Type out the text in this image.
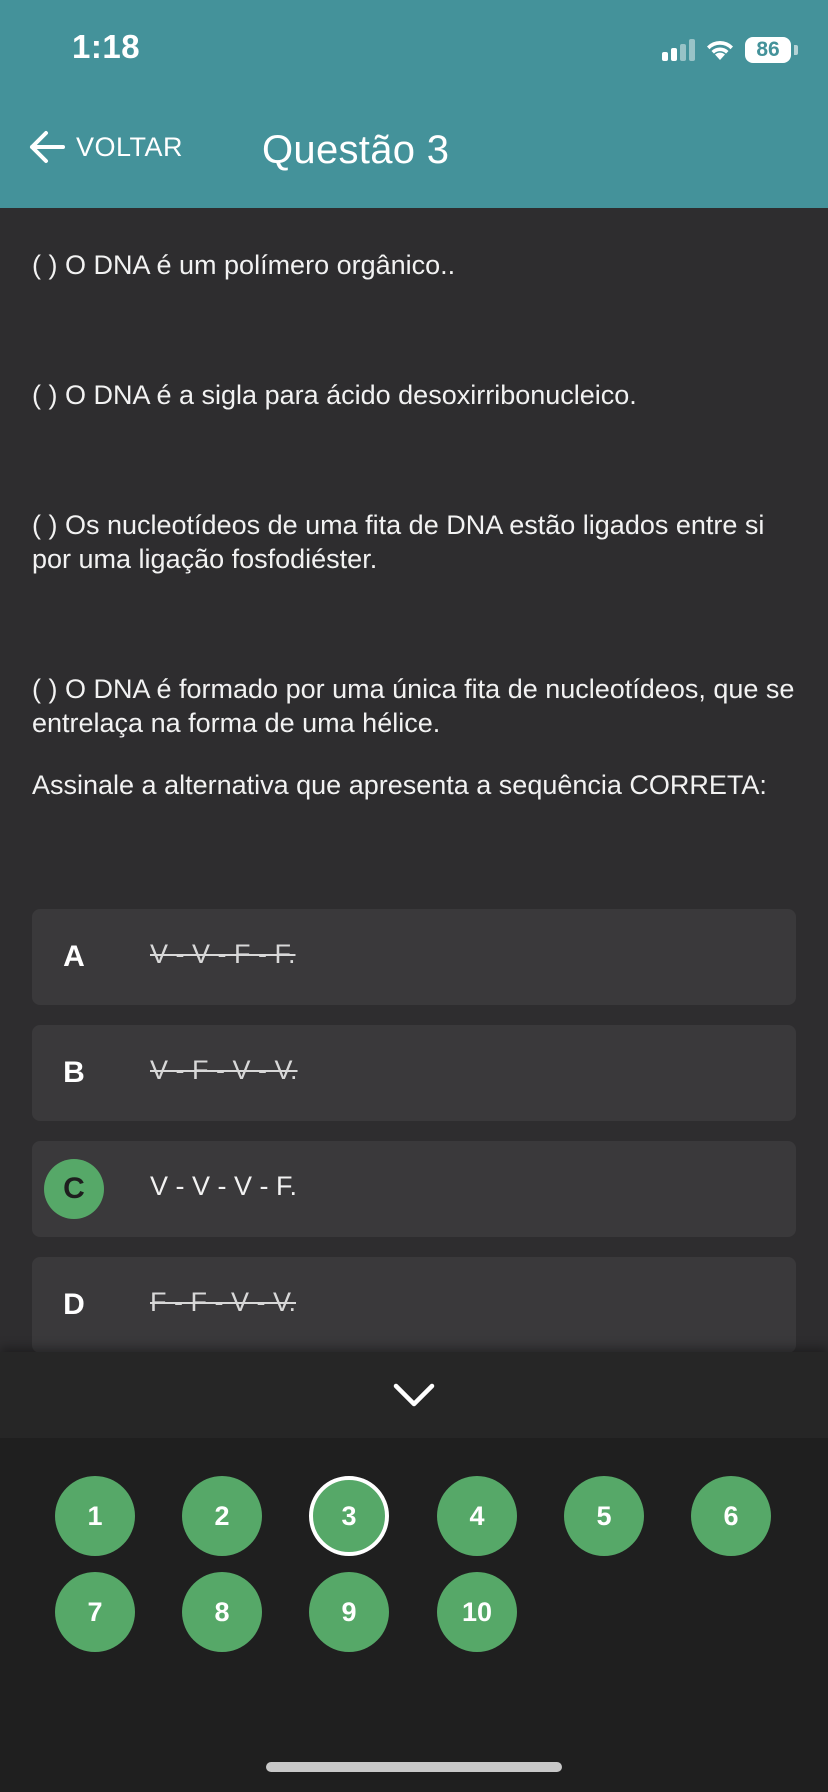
1:18	86
VOLTAR Questão 3
( ) O DNA é um polímero orgânico..
( ) O DNA é a sigla para ácido desoxirribonucleico.
( ) Os nucleotídeos de uma fita de DNA estão ligados entre si por uma ligação fosfodiéster.
( ) O DNA é formado por uma única fita de nucleotídeos, que se entrelaça na forma de uma hélice.
Assinale a alternativa que apresenta a sequência CORRETA:
A	V - V - F - F.
B	V - F - V - V.
C	V - V - V - F.
D	F - F - V - V.
1	2	3	4	5	6
7	8	9	10
